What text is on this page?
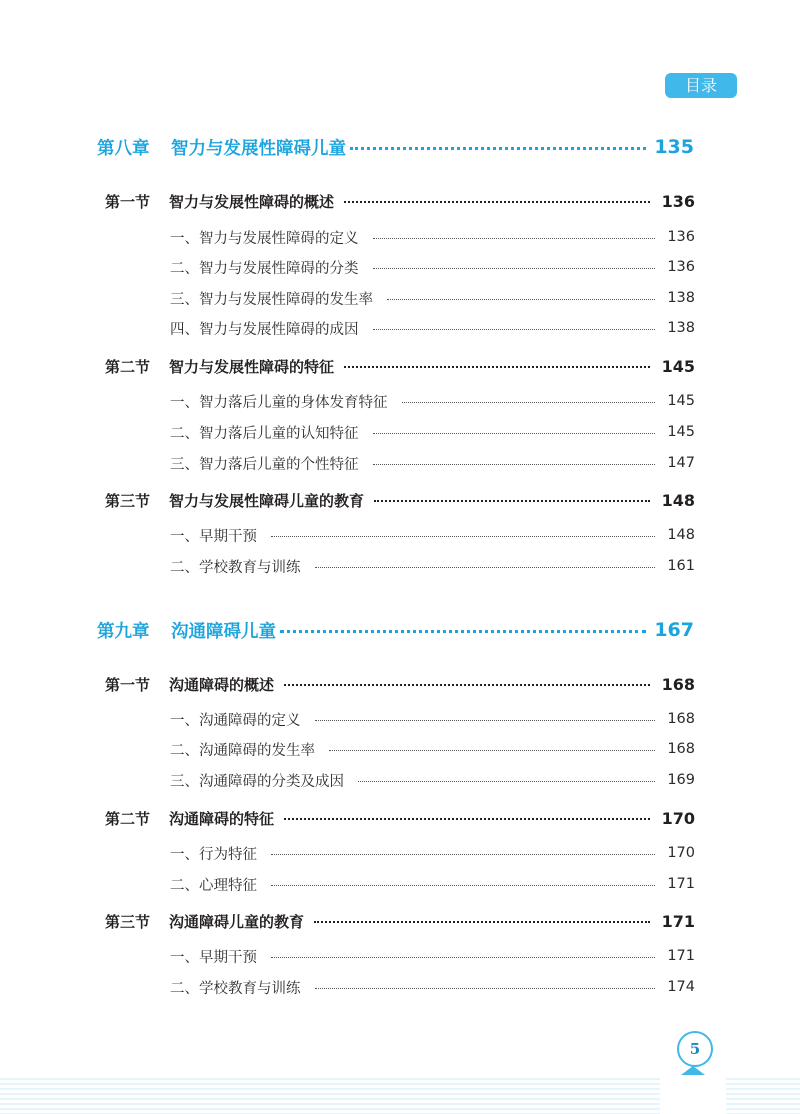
目录
第八章	智力与发展性障碍儿童	135
第一节	智力与发展性障碍的概述	136
一、智力与发展性障碍的定义	136
二、智力与发展性障碍的分类	136
三、智力与发展性障碍的发生率	138
四、智力与发展性障碍的成因	138
第二节	智力与发展性障碍的特征	145
一、智力落后儿童的身体发育特征	145
二、智力落后儿童的认知特征	145
三、智力落后儿童的个性特征	147
第三节	智力与发展性障碍儿童的教育	148
一、早期干预	148
二、学校教育与训练	161
第九章	沟通障碍儿童	167
第一节	沟通障碍的概述	168
一、沟通障碍的定义	168
二、沟通障碍的发生率	168
三、沟通障碍的分类及成因	169
第二节	沟通障碍的特征	170
一、行为特征	170
二、心理特征	171
第三节	沟通障碍儿童的教育	171
一、早期干预	171
二、学校教育与训练	174
5
